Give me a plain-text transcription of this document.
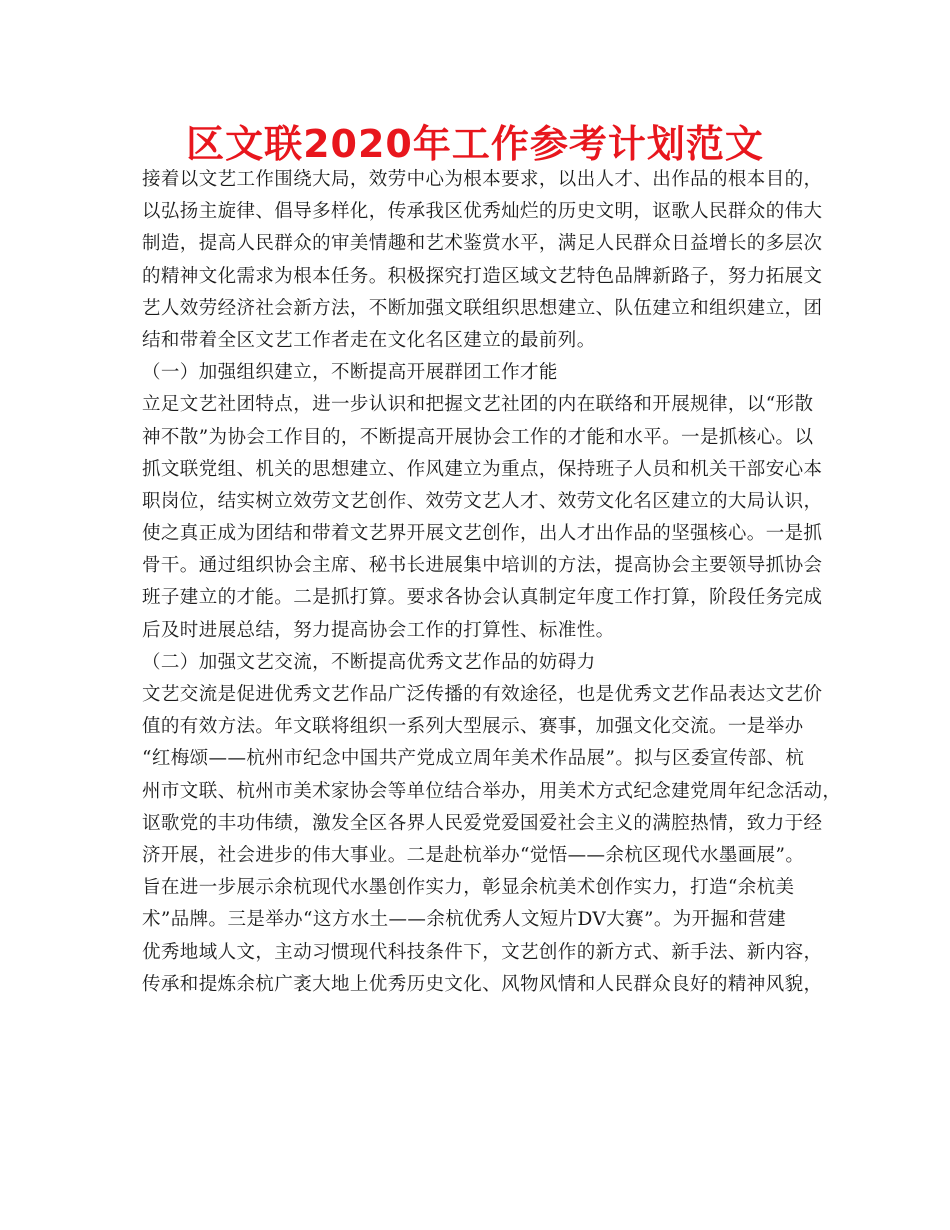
区文联2020年工作参考计划范文
接着以文艺工作围绕大局，效劳中心为根本要求，以出人才、出作品的根本目的，
以弘扬主旋律、倡导多样化，传承我区优秀灿烂的历史文明，讴歌人民群众的伟大
制造，提高人民群众的审美情趣和艺术鉴赏水平，满足人民群众日益增长的多层次
的精神文化需求为根本任务。积极探究打造区域文艺特色品牌新路子，努力拓展文
艺人效劳经济社会新方法，不断加强文联组织思想建立、队伍建立和组织建立，团
结和带着全区文艺工作者走在文化名区建立的最前列。
（一）加强组织建立，不断提高开展群团工作才能
立足文艺社团特点，进一步认识和把握文艺社团的内在联络和开展规律，以“形散
神不散”为协会工作目的，不断提高开展协会工作的才能和水平。一是抓核心。以
抓文联党组、机关的思想建立、作风建立为重点，保持班子人员和机关干部安心本
职岗位，结实树立效劳文艺创作、效劳文艺人才、效劳文化名区建立的大局认识，
使之真正成为团结和带着文艺界开展文艺创作，出人才出作品的坚强核心。一是抓
骨干。通过组织协会主席、秘书长进展集中培训的方法，提高协会主要领导抓协会
班子建立的才能。二是抓打算。要求各协会认真制定年度工作打算，阶段任务完成
后及时进展总结，努力提高协会工作的打算性、标准性。
（二）加强文艺交流，不断提高优秀文艺作品的妨碍力
文艺交流是促进优秀文艺作品广泛传播的有效途径，也是优秀文艺作品表达文艺价
值的有效方法。年文联将组织一系列大型展示、赛事，加强文化交流。一是举办
“红梅颂——杭州市纪念中国共产党成立周年美术作品展”。拟与区委宣传部、杭
州市文联、杭州市美术家协会等单位结合举办，用美术方式纪念建党周年纪念活动，
讴歌党的丰功伟绩，激发全区各界人民爱党爱国爱社会主义的满腔热情，致力于经
济开展，社会进步的伟大事业。二是赴杭举办“觉悟——余杭区现代水墨画展”。
旨在进一步展示余杭现代水墨创作实力，彰显余杭美术创作实力，打造“余杭美
术”品牌。三是举办“这方水土——余杭优秀人文短片DV大赛”。为开掘和营建
优秀地域人文，主动习惯现代科技条件下，文艺创作的新方式、新手法、新内容，
传承和提炼余杭广袤大地上优秀历史文化、风物风情和人民群众良好的精神风貌，
